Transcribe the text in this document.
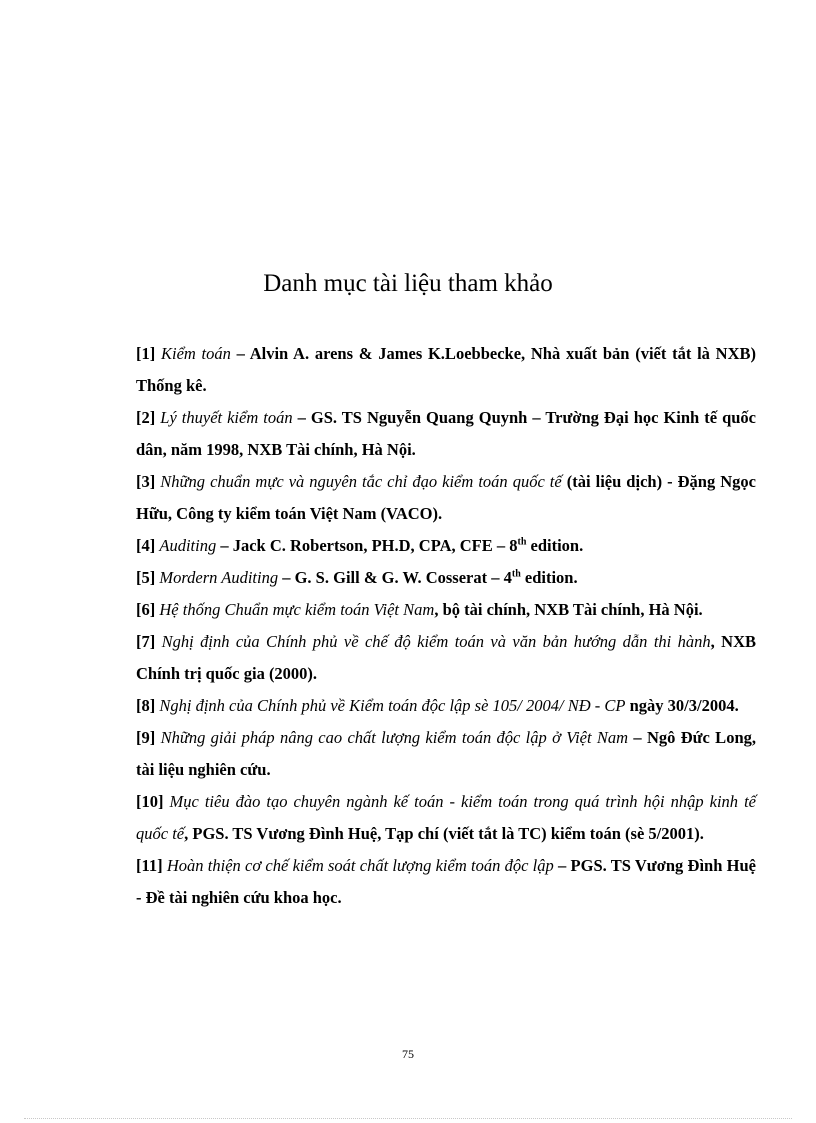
Danh mục tài liệu tham khảo
[1] Kiểm toán – Alvin A. arens & James K.Loebbecke, Nhà xuất bản (viết tắt là NXB) Thống kê.
[2] Lý thuyết kiểm toán – GS. TS Nguyễn Quang Quynh – Trường Đại học Kinh tế quốc dân, năm 1998, NXB Tài chính, Hà Nội.
[3] Những chuẩn mực và nguyên tắc chỉ đạo kiểm toán quốc tế (tài liệu dịch) - Đặng Ngọc Hữu, Công ty kiểm toán Việt Nam (VACO).
[4] Auditing – Jack C. Robertson, PH.D, CPA, CFE – 8th edition.
[5] Mordern Auditing – G. S. Gill & G. W. Cosserat – 4th edition.
[6] Hệ thống Chuẩn mực kiểm toán Việt Nam, bộ tài chính, NXB Tài chính, Hà Nội.
[7] Nghị định của Chính phủ về chế độ kiểm toán và văn bản hướng dẫn thi hành, NXB Chính trị quốc gia (2000).
[8] Nghị định của Chính phủ về Kiểm toán độc lập sè 105/ 2004/ NĐ - CP ngày 30/3/2004.
[9] Những giải pháp nâng cao chất lượng kiểm toán độc lập ở Việt Nam – Ngô Đức Long, tài liệu nghiên cứu.
[10] Mục tiêu đào tạo chuyên ngành kế toán - kiểm toán trong quá trình hội nhập kinh tế quốc tế, PGS. TS Vương Đình Huệ, Tạp chí (viết tắt là TC) kiểm toán (sè 5/2001).
[11] Hoàn thiện cơ chế kiểm soát chất lượng kiểm toán độc lập – PGS. TS Vương Đình Huệ - Đề tài nghiên cứu khoa học.
75
